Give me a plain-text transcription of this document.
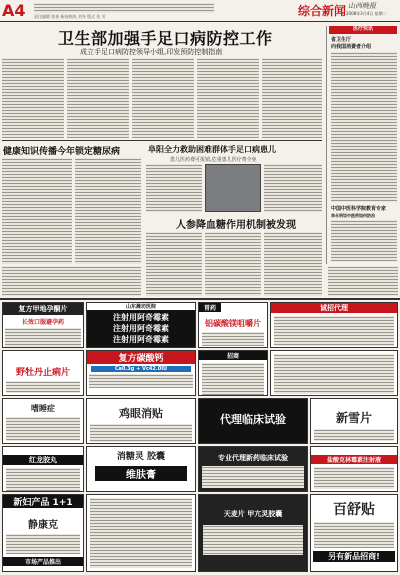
A4 责任编辑 焦春 新闻热线 刘冬 版式 张 芳	综合新闻 山西晚报
2008年3月4日 星期二
卫生部加强手足口病防控工作
成立手足口病防控领导小组,印发预防控制指南
医疗快讯
省卫生厅
向我国消费者介绍
中国中医科学院教育专家
李永明谈中医药如何防治
健康知识传播今年锁定糖尿病	阜阳全力救助困难群体手足口病患儿
患儿医药费可报销,危重患儿医疗费全免
人参降血糖作用机制被发现
复方甲地孕酮片
长效口服避孕药
山东潍坊医院
注射用阿奇霉素
注射用阿奇霉素
注射用阿奇霉素
胃药
铝碳酸镁咀嚼片
诚招代理
野牡丹止痢片
复方碳酸钙
Ca0.3g + Vc42.0IU
招商
嗜睡症	鸡眼消贴	代理临床试验	新雪片
红龙胶丸	消糖灵 胶囊
维肤膏
专业代理新药临床试验	盐酸克林霉素注射液
新妇产品 1+1
静康克
市场产品推出
天麦片 甲亢灵胶囊	百舒贴
另有新品招商!
